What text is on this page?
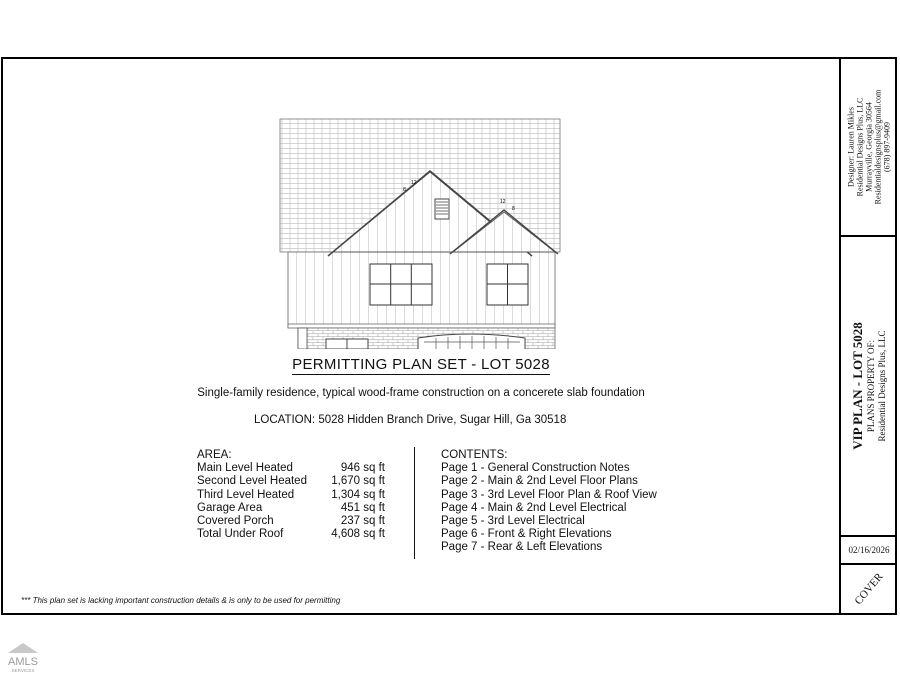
12
8
12
8
PERMITTING PLAN SET - LOT 5028
Single-family residence, typical wood-frame construction on a concerete slab foundation
LOCATION: 5028 Hidden Branch Drive, Sugar Hill, Ga 30518
AREA:
Main Level Heated	946 sq ft
Second Level Heated	1,670 sq ft
Third Level Heated	1,304 sq ft
Garage Area	451 sq ft
Covered Porch	237 sq ft
Total Under Roof	4,608 sq ft
CONTENTS:
Page 1 - General Construction Notes
Page 2 - Main & 2nd Level Floor Plans
Page 3 - 3rd Level Floor Plan & Roof View
Page 4 - Main & 2nd Level Electrical
Page 5 - 3rd Level Electrical
Page 6 - Front & Right Elevations
Page 7 - Rear & Left Elevations
*** This plan set is lacking important construction details & is only to be used for permitting
Designer: Lauren Mikles Residential Designs Plus, LLC Murrayville, Georgia 30564 Residentialdesignsplus@gmail.com (678) 897-9409
VIP PLAN - LOT 5028 PLANS PROPERTY OF: Residential Designs Plus, LLC
02/16/2026
COVER
AMLS
SERVICES
